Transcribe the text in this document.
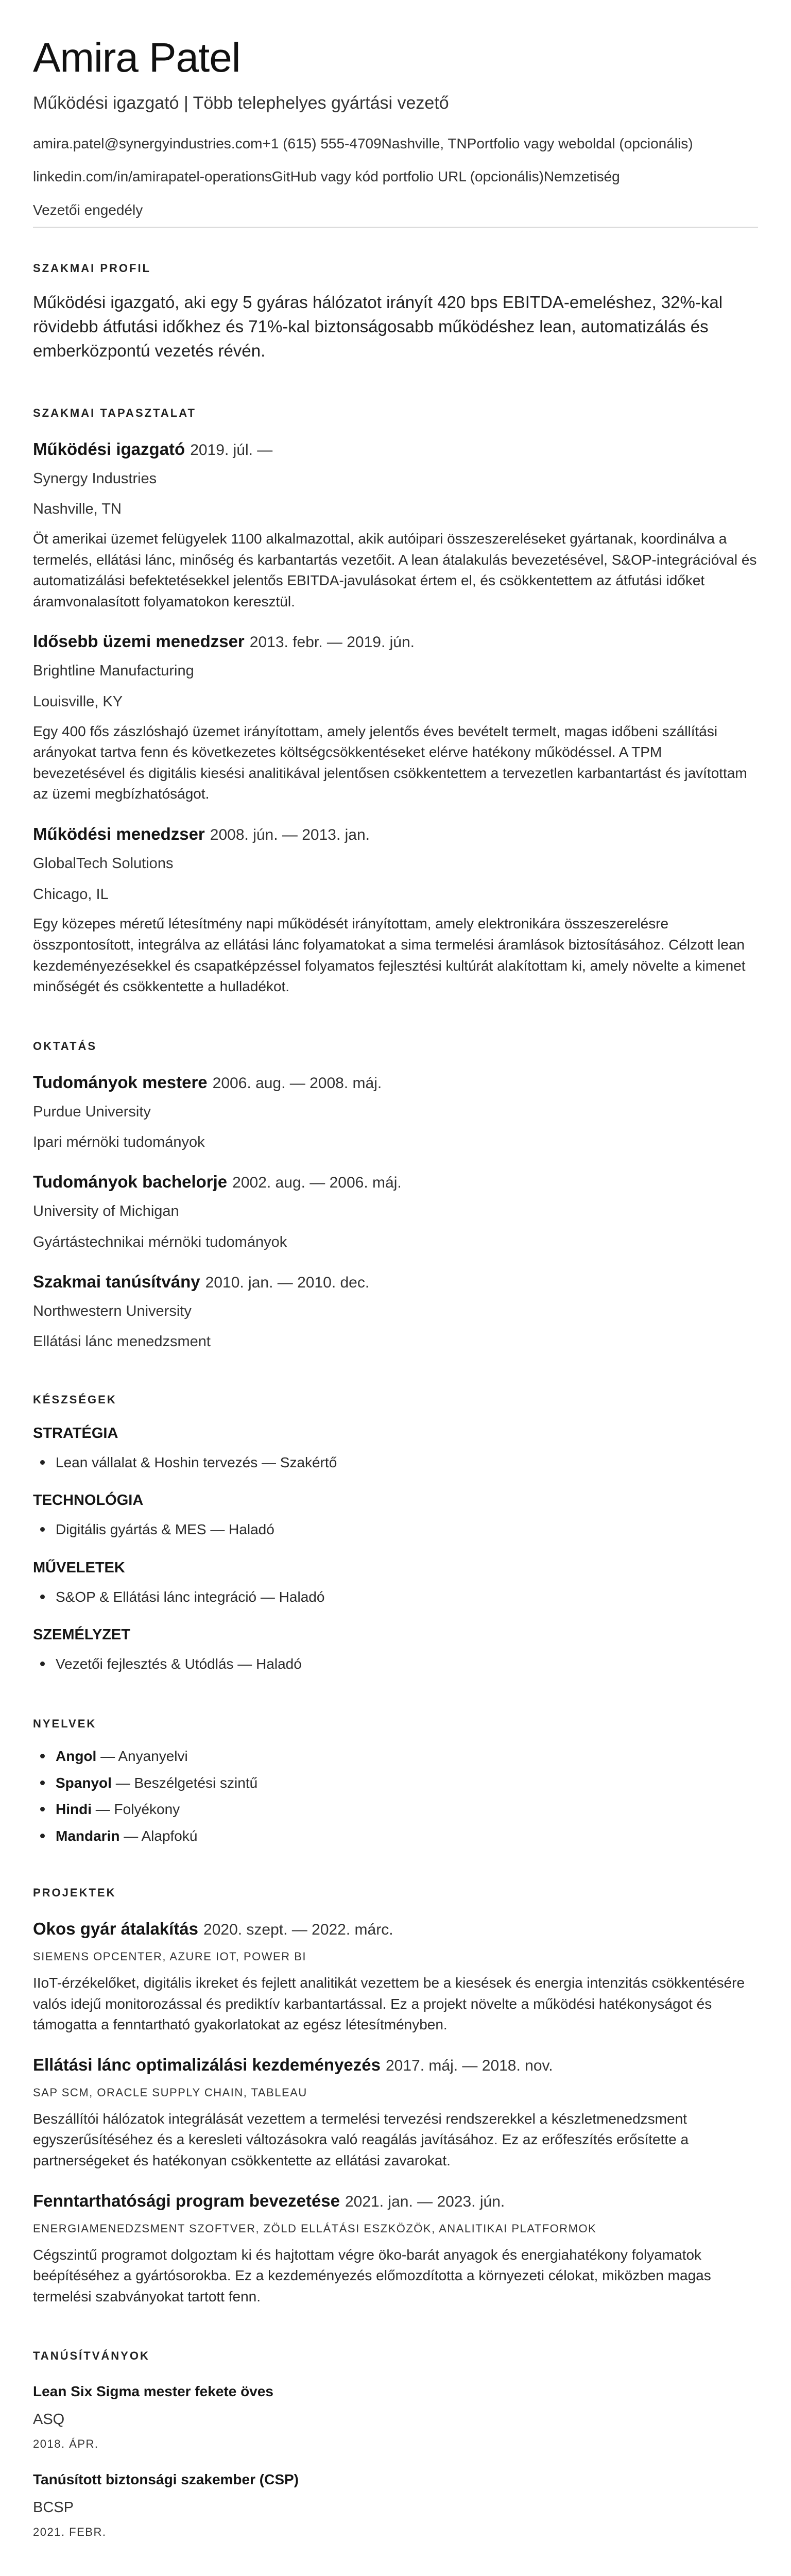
Amira Patel
Működési igazgató | Több telephelyes gyártási vezető
amira.patel@synergyindustries.com +1 (615) 555-4709 Nashville, TN Portfolio vagy weboldal (opcionális)
linkedin.com/in/amirapatel-operations GitHub vagy kód portfolio URL (opcionális) Nemzetiség
Vezetői engedély
SZAKMAI PROFIL

Működési igazgató, aki egy 5 gyáras hálózatot irányít 420 bps EBITDA-emeléshez, 32%-kal rövidebb átfutási időkhez és 71%-kal biztonságosabb működéshez lean, automatizálás és emberközpontú vezetés révén.

SZAKMAI TAPASZTALAT
Működési igazgató 2019. júl. —
Synergy Industries
Nashville, TN

Öt amerikai üzemet felügyelek 1100 alkalmazottal, akik autóipari összeszereléseket gyártanak, koordinálva a termelés, ellátási lánc, minőség és karbantartás vezetőit. A lean átalakulás bevezetésével, S&OP-integrációval és automatizálási befektetésekkel jelentős EBITDA-javulásokat értem el, és csökkentettem az átfutási időket áramvonalasított folyamatokon keresztül.

Idősebb üzemi menedzser 2013. febr. — 2019. jún.
Brightline Manufacturing
Louisville, KY

Egy 400 fős zászlóshajó üzemet irányítottam, amely jelentős éves bevételt termelt, magas időbeni szállítási arányokat tartva fenn és következetes költségcsökkentéseket elérve hatékony működéssel. A TPM bevezetésével és digitális kiesési analitikával jelentősen csökkentettem a tervezetlen karbantartást és javítottam az üzemi megbízhatóságot.

Működési menedzser 2008. jún. — 2013. jan.
GlobalTech Solutions
Chicago, IL

Egy közepes méretű létesítmény napi működését irányítottam, amely elektronikára összeszerelésre összpontosított, integrálva az ellátási lánc folyamatokat a sima termelési áramlások biztosításához. Célzott lean kezdeményezésekkel és csapatképzéssel folyamatos fejlesztési kultúrát alakítottam ki, amely növelte a kimenet minőségét és csökkentette a hulladékot.

OKTATÁS
Tudományok mestere 2006. aug. — 2008. máj.
Purdue University
Ipari mérnöki tudományok
Tudományok bachelorje 2002. aug. — 2006. máj.
University of Michigan
Gyártástechnikai mérnöki tudományok
Szakmai tanúsítvány 2010. jan. — 2010. dec.
Northwestern University
Ellátási lánc menedzsment
KÉSZSÉGEK
STRATÉGIA
Lean vállalat & Hoshin tervezés — Szakértő
TECHNOLÓGIA
Digitális gyártás & MES — Haladó
MŰVELETEK
S&OP & Ellátási lánc integráció — Haladó
SZEMÉLYZET
Vezetői fejlesztés & Utódlás — Haladó
NYELVEK
Angol — Anyanyelvi
Spanyol — Beszélgetési szintű
Hindi — Folyékony
Mandarin — Alapfokú
PROJEKTEK
Okos gyár átalakítás 2020. szept. — 2022. márc.
SIEMENS OPCENTER, AZURE IOT, POWER BI

IIoT-érzékelőket, digitális ikreket és fejlett analitikát vezettem be a kiesések és energia intenzitás csökkentésére valós idejű monitorozással és prediktív karbantartással. Ez a projekt növelte a működési hatékonyságot és támogatta a fenntartható gyakorlatokat az egész létesítményben.

Ellátási lánc optimalizálási kezdeményezés 2017. máj. — 2018. nov.
SAP SCM, ORACLE SUPPLY CHAIN, TABLEAU

Beszállítói hálózatok integrálását vezettem a termelési tervezési rendszerekkel a készletmenedzsment egyszerűsítéséhez és a keresleti változásokra való reagálás javításához. Ez az erőfeszítés erősítette a partnerségeket és hatékonyan csökkentette az ellátási zavarokat.

Fenntarthatósági program bevezetése 2021. jan. — 2023. jún.
ENERGIAMENEDZSMENT SZOFTVER, ZÖLD ELLÁTÁSI ESZKÖZÖK, ANALITIKAI PLATFORMOK

Cégszintű programot dolgoztam ki és hajtottam végre öko-barát anyagok és energiahatékony folyamatok beépítéséhez a gyártósorokba. Ez a kezdeményezés előmozdította a környezeti célokat, miközben magas termelési szabványokat tartott fenn.

TANÚSÍTVÁNYOK
Lean Six Sigma mester fekete öves
ASQ
2018. ÁPR.
Tanúsított biztonsági szakember (CSP)
BCSP
2021. FEBR.
